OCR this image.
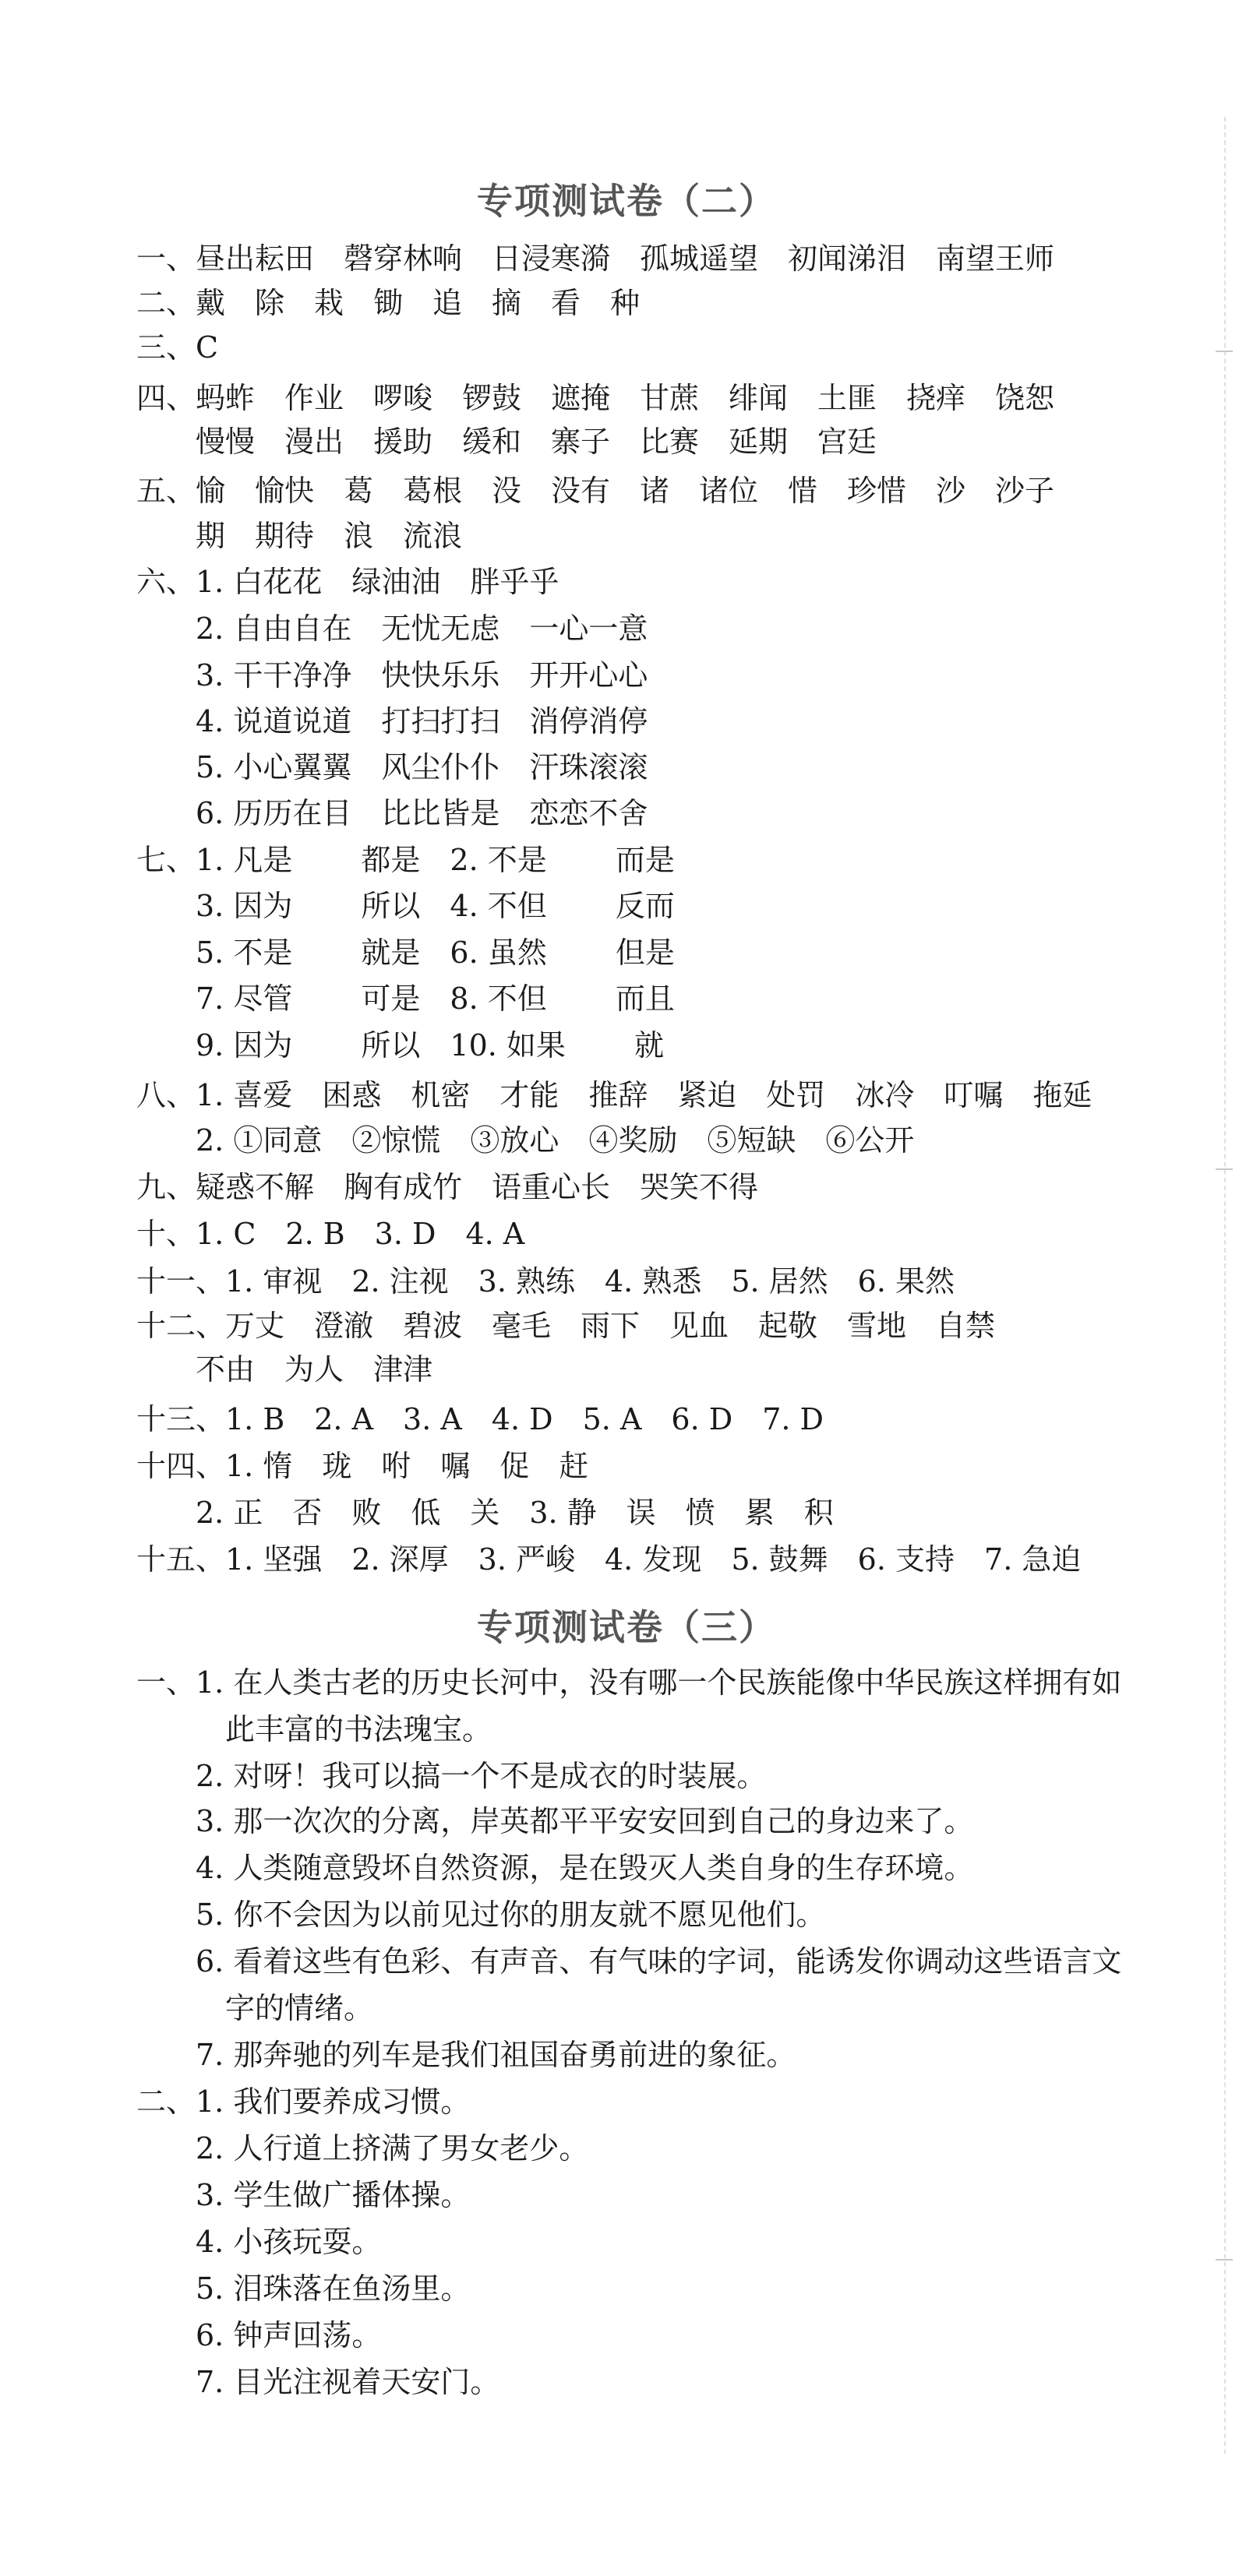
专项测试卷（二）
一、昼出耘田　磬穿林响　日浸寒漪　孤城遥望　初闻涕泪　南望王师
二、戴　除　栽　锄　追　摘　看　种
三、C
四、蚂蚱　作业　啰唆　锣鼓　遮掩　甘蔗　绯闻　土匪　挠痒　饶恕
　　慢慢　漫出　援助　缓和　寨子　比赛　延期　宫廷
五、愉　愉快　葛　葛根　没　没有　诸　诸位　惜　珍惜　沙　沙子
　　期　期待　浪　流浪
六、1. 白花花　绿油油　胖乎乎
　　2. 自由自在　无忧无虑　一心一意
　　3. 干干净净　快快乐乐　开开心心
　　4. 说道说道　打扫打扫　消停消停
　　5. 小心翼翼　风尘仆仆　汗珠滚滚
　　6. 历历在目　比比皆是　恋恋不舍
七、1. 凡是　　 都是　2. 不是　　 而是
　　3. 因为　　 所以　4. 不但　　 反而
　　5. 不是　　 就是　6. 虽然　　 但是
　　7. 尽管　　 可是　8. 不但　　 而且
　　9. 因为　　 所以　10. 如果　　 就
八、1. 喜爱　困惑　机密　才能　推辞　紧迫　处罚　冰冷　叮嘱　拖延
　　2. ①同意　②惊慌　③放心　④奖励　⑤短缺　⑥公开
九、疑惑不解　胸有成竹　语重心长　哭笑不得
十、1. C　2. B　3. D　4. A
十一、1. 审视　2. 注视　3. 熟练　4. 熟悉　5. 居然　6. 果然
十二、万丈　澄澈　碧波　毫毛　雨下　见血　起敬　雪地　自禁
　　不由　为人　津津
十三、1. B　2. A　3. A　4. D　5. A　6. D　7. D
十四、1. 惰　珑　咐　嘱　促　赶
　　2. 正　否　败　低　关　3. 静　误　愤　累　积
十五、1. 坚强　2. 深厚　3. 严峻　4. 发现　5. 鼓舞　6. 支持　7. 急迫
专项测试卷（三）
一、1. 在人类古老的历史长河中，没有哪一个民族能像中华民族这样拥有如
　　　此丰富的书法瑰宝。
　　2. 对呀！我可以搞一个不是成衣的时装展。
　　3. 那一次次的分离，岸英都平平安安回到自己的身边来了。
　　4. 人类随意毁坏自然资源，是在毁灭人类自身的生存环境。
　　5. 你不会因为以前见过你的朋友就不愿见他们。
　　6. 看着这些有色彩、有声音、有气味的字词，能诱发你调动这些语言文
　　　字的情绪。
　　7. 那奔驰的列车是我们祖国奋勇前进的象征。
二、1. 我们要养成习惯。
　　2. 人行道上挤满了男女老少。
　　3. 学生做广播体操。
　　4. 小孩玩耍。
　　5. 泪珠落在鱼汤里。
　　6. 钟声回荡。
　　7. 目光注视着天安门。
